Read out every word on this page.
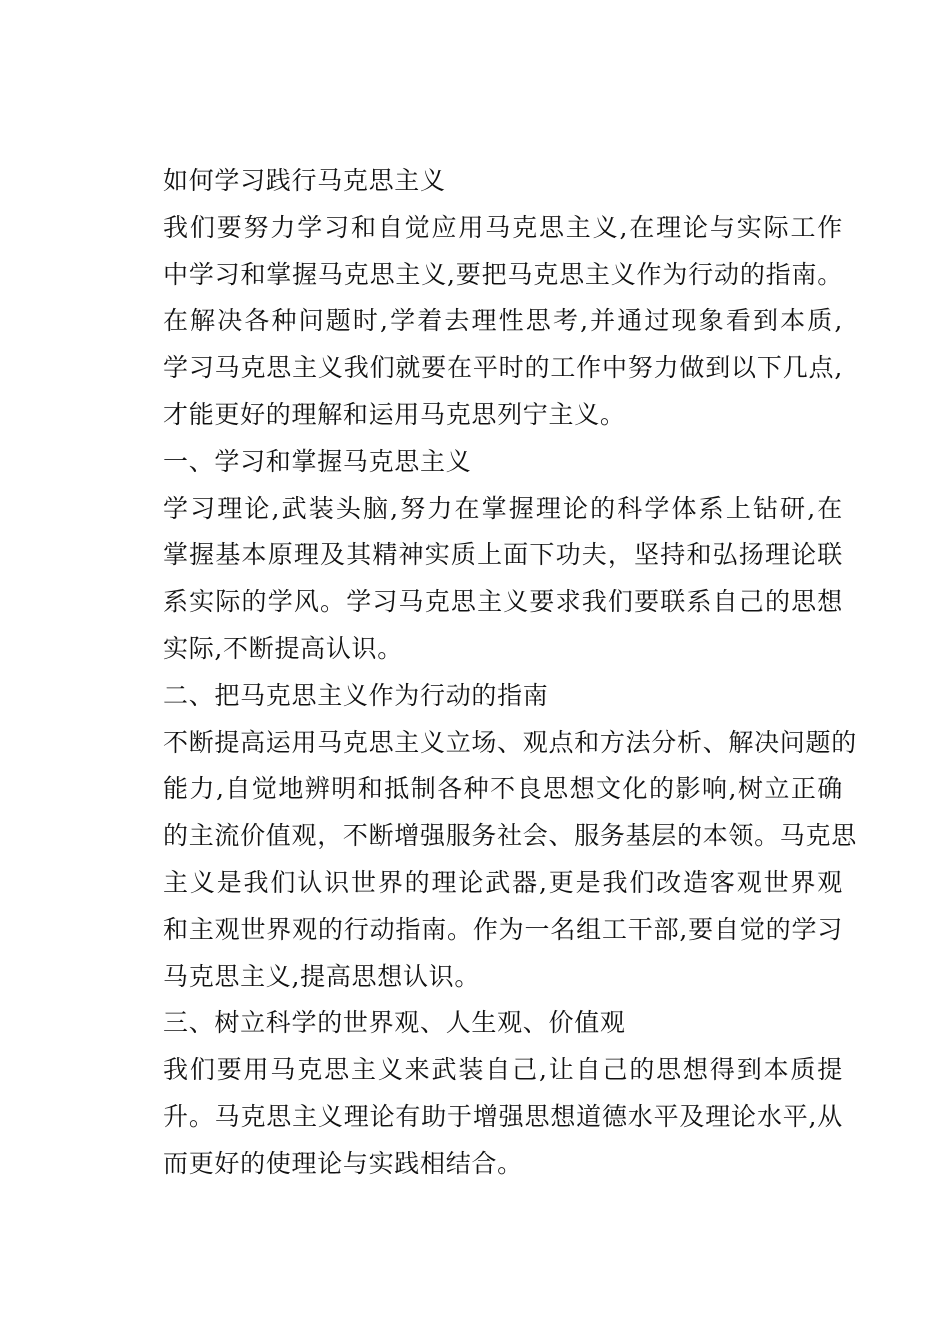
如何学习践行马克思主义
我们要努力学习和自觉应用马克思主义,在理论与实际工作
中学习和掌握马克思主义,要把马克思主义作为行动的指南。
在解决各种问题时,学着去理性思考,并通过现象看到本质,
学习马克思主义我们就要在平时的工作中努力做到以下几点,
才能更好的理解和运用马克思列宁主义。
一、学习和掌握马克思主义
学习理论,武装头脑,努力在掌握理论的科学体系上钻研,在
掌握基本原理及其精神实质上面下功夫，坚持和弘扬理论联
系实际的学风。学习马克思主义要求我们要联系自己的思想
实际,不断提高认识。
二、把马克思主义作为行动的指南
不断提高运用马克思主义立场、观点和方法分析、解决问题的
能力,自觉地辨明和抵制各种不良思想文化的影响,树立正确
的主流价值观，不断增强服务社会、服务基层的本领。马克思
主义是我们认识世界的理论武器,更是我们改造客观世界观
和主观世界观的行动指南。作为一名组工干部,要自觉的学习
马克思主义,提高思想认识。
三、树立科学的世界观、人生观、价值观
我们要用马克思主义来武装自己,让自己的思想得到本质提
升。马克思主义理论有助于增强思想道德水平及理论水平,从
而更好的使理论与实践相结合。
